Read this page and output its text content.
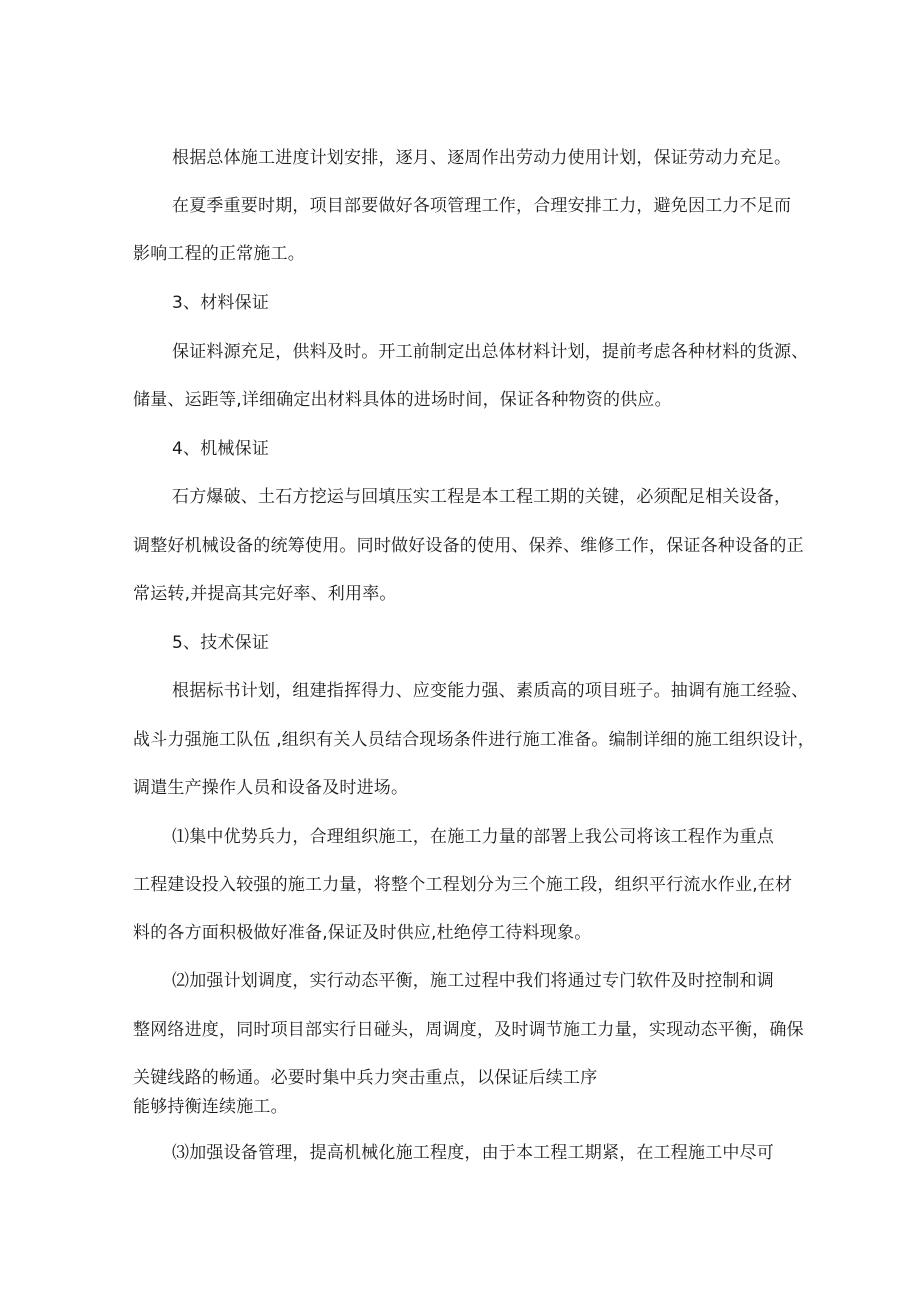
根据总体施工进度计划安排，逐月、逐周作出劳动力使用计划，保证劳动力充足。
在夏季重要时期，项目部要做好各项管理工作，合理安排工力，避免因工力不足而
影响工程的正常施工。
3、材料保证
保证料源充足，供料及时。开工前制定出总体材料计划，提前考虑各种材料的货源、
储量、运距等,详细确定出材料具体的进场时间，保证各种物资的供应。
4、机械保证
石方爆破、土石方挖运与回填压实工程是本工程工期的关键，必须配足相关设备，
调整好机械设备的统筹使用。同时做好设备的使用、保养、维修工作，保证各种设备的正
常运转,并提高其完好率、利用率。
5、技术保证
根据标书计划，组建指挥得力、应变能力强、素质高的项目班子。抽调有施工经验、
战斗力强施工队伍 ,组织有关人员结合现场条件进行施工准备。编制详细的施工组织设计，
调遣生产操作人员和设备及时进场。
⑴集中优势兵力，合理组织施工，在施工力量的部署上我公司将该工程作为重点
工程建设投入较强的施工力量，将整个工程划分为三个施工段，组织平行流水作业,在材
料的各方面积极做好准备,保证及时供应,杜绝停工待料现象。
⑵加强计划调度，实行动态平衡，施工过程中我们将通过专门软件及时控制和调
整网络进度，同时项目部实行日碰头，周调度，及时调节施工力量，实现动态平衡，确保
关键线路的畅通。必要时集中兵力突击重点，以保证后续工序
能够持衡连续施工。
⑶加强设备管理，提高机械化施工程度，由于本工程工期紧，在工程施工中尽可
